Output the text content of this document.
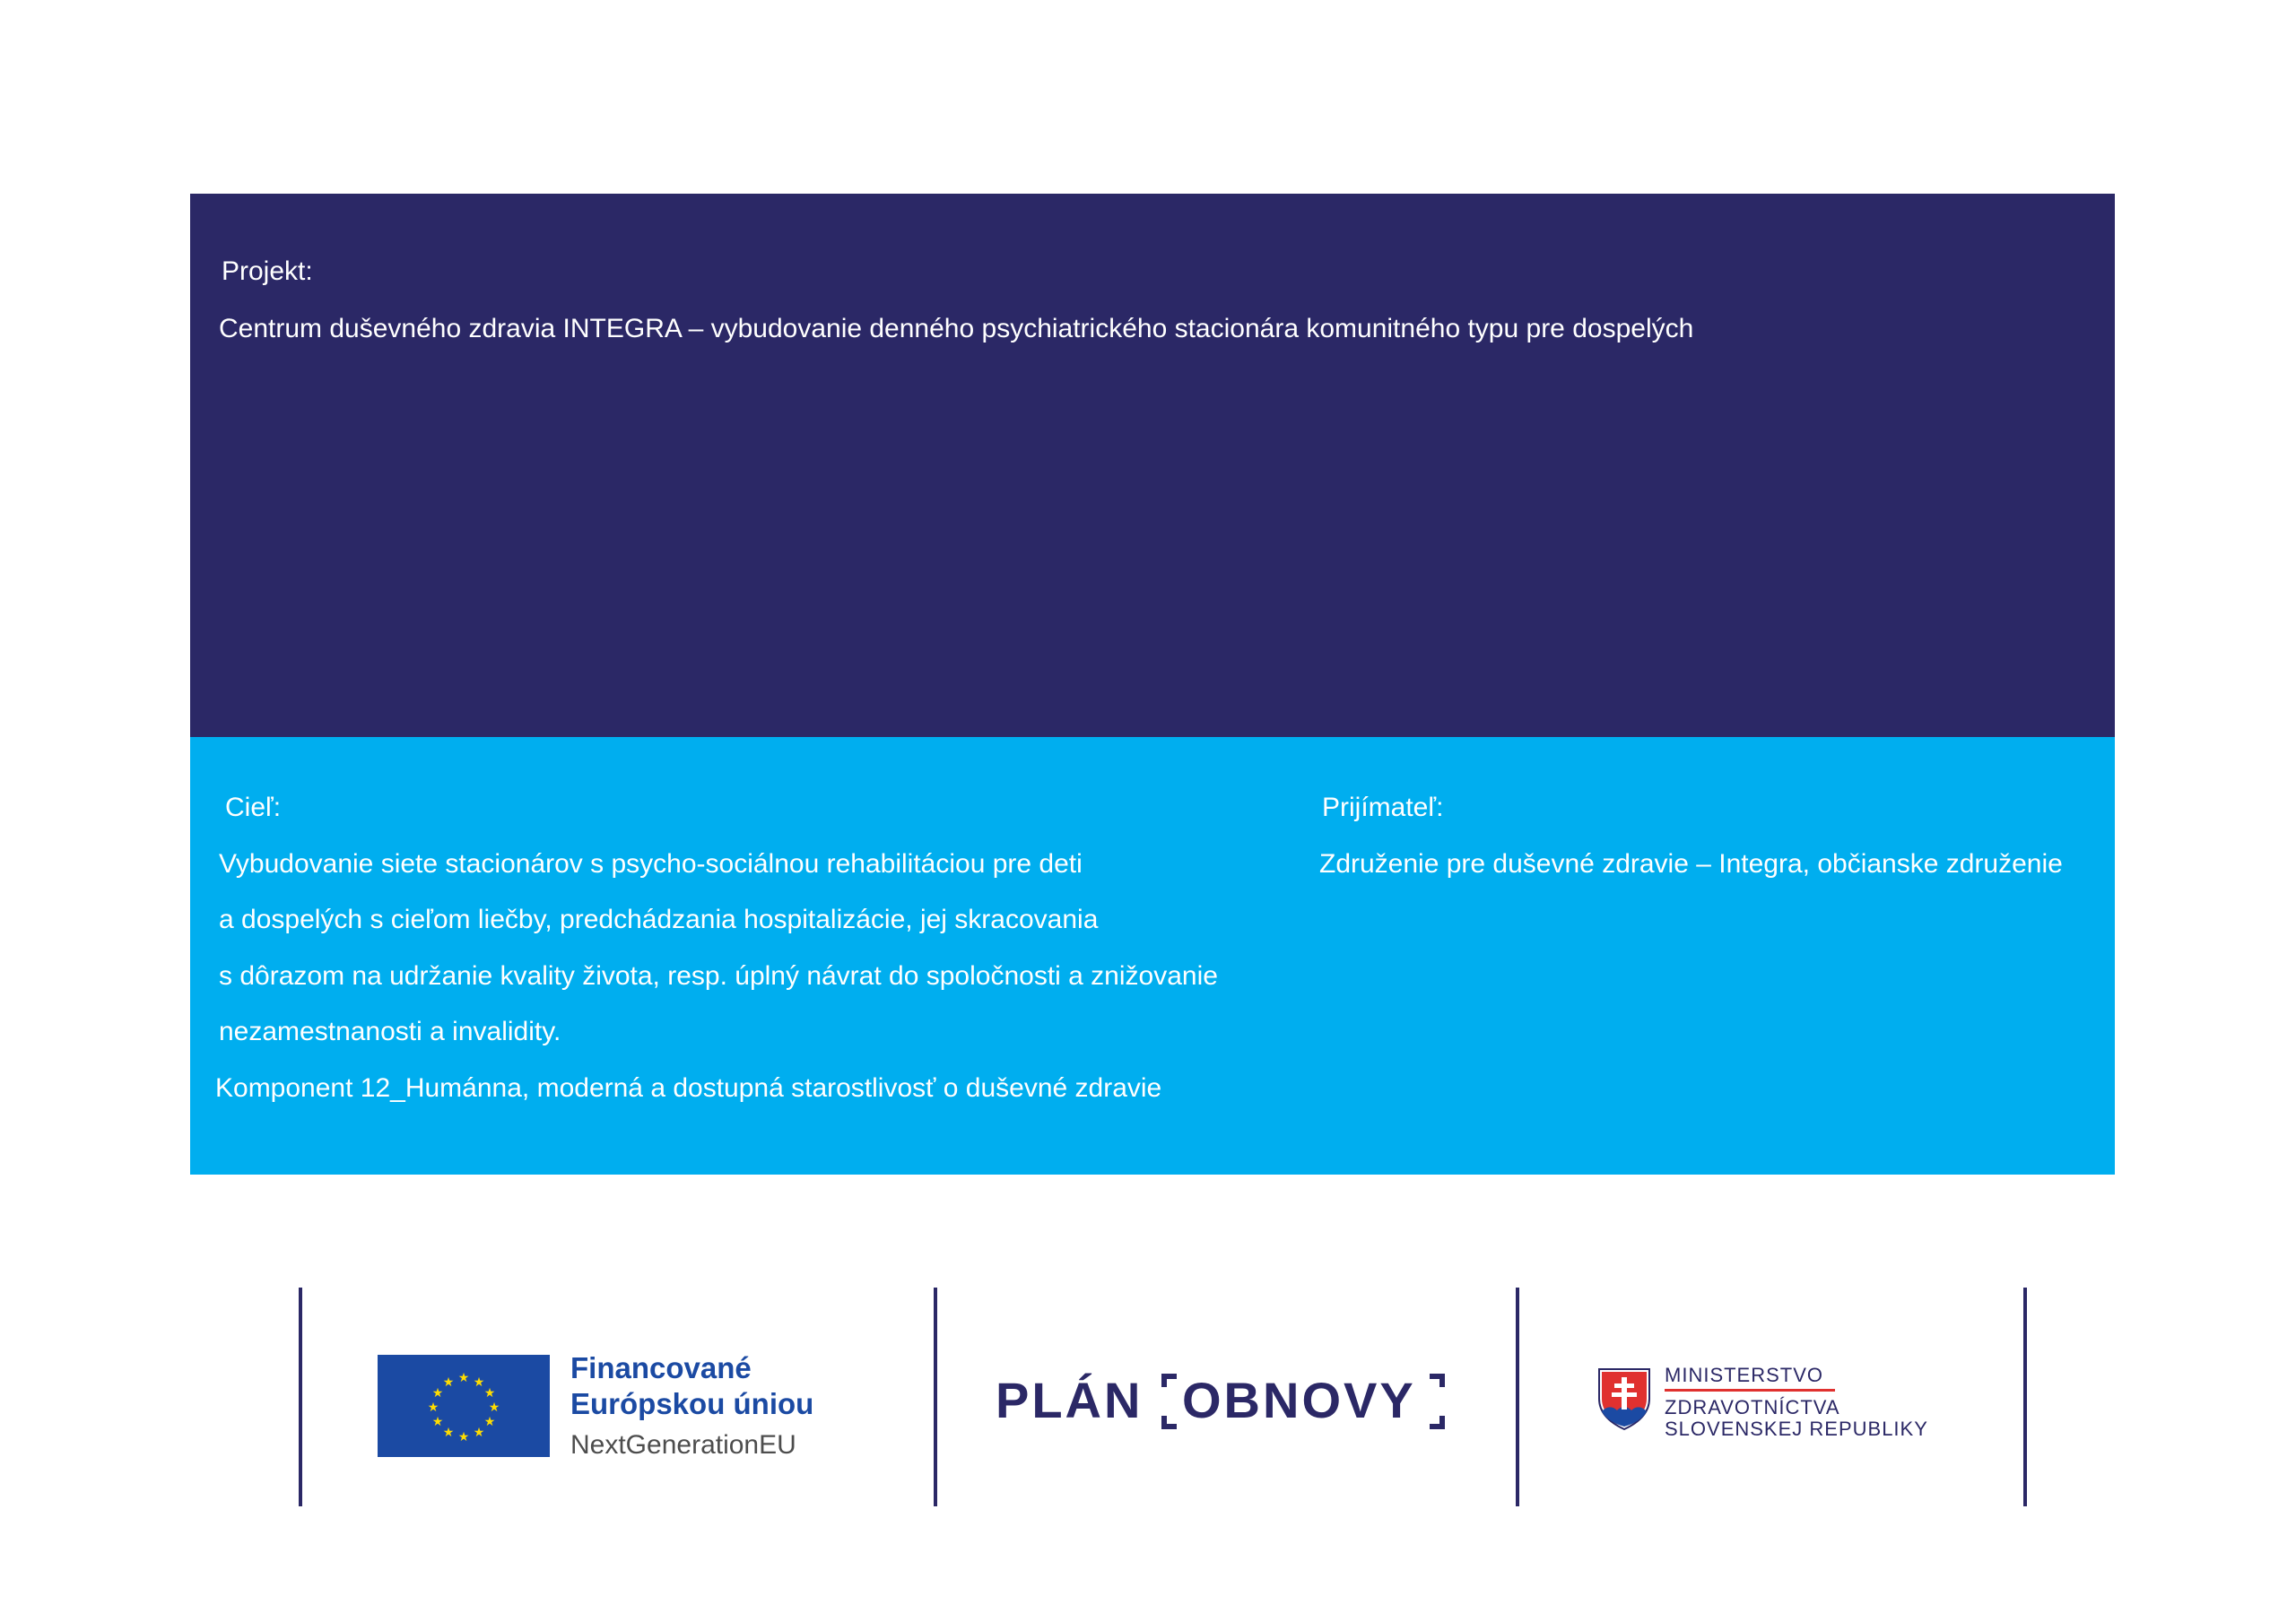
Projekt:
Centrum duševného zdravia INTEGRA – vybudovanie denného psychiatrického stacionára komunitného typu pre dospelých
Cieľ:
Vybudovanie siete stacionárov s psycho-sociálnou rehabilitáciou pre deti
a dospelých s cieľom liečby, predchádzania hospitalizácie, jej skracovania
s dôrazom na udržanie kvality života, resp. úplný návrat do spoločnosti a znižovanie
nezamestnanosti a invalidity.
Komponent 12_Humánna, moderná a dostupná starostlivosť o duševné zdravie
Prijímateľ:
Združenie pre duševné zdravie – Integra, občianske združenie
★ ★
★
★
★
★
★
★
★
★
★
★	Financované
Európskou úniou
NextGenerationEU
PLÁN OBNOVY	MINISTERSTVO
ZDRAVOTNÍCTVA
SLOVENSKEJ REPUBLIKY
